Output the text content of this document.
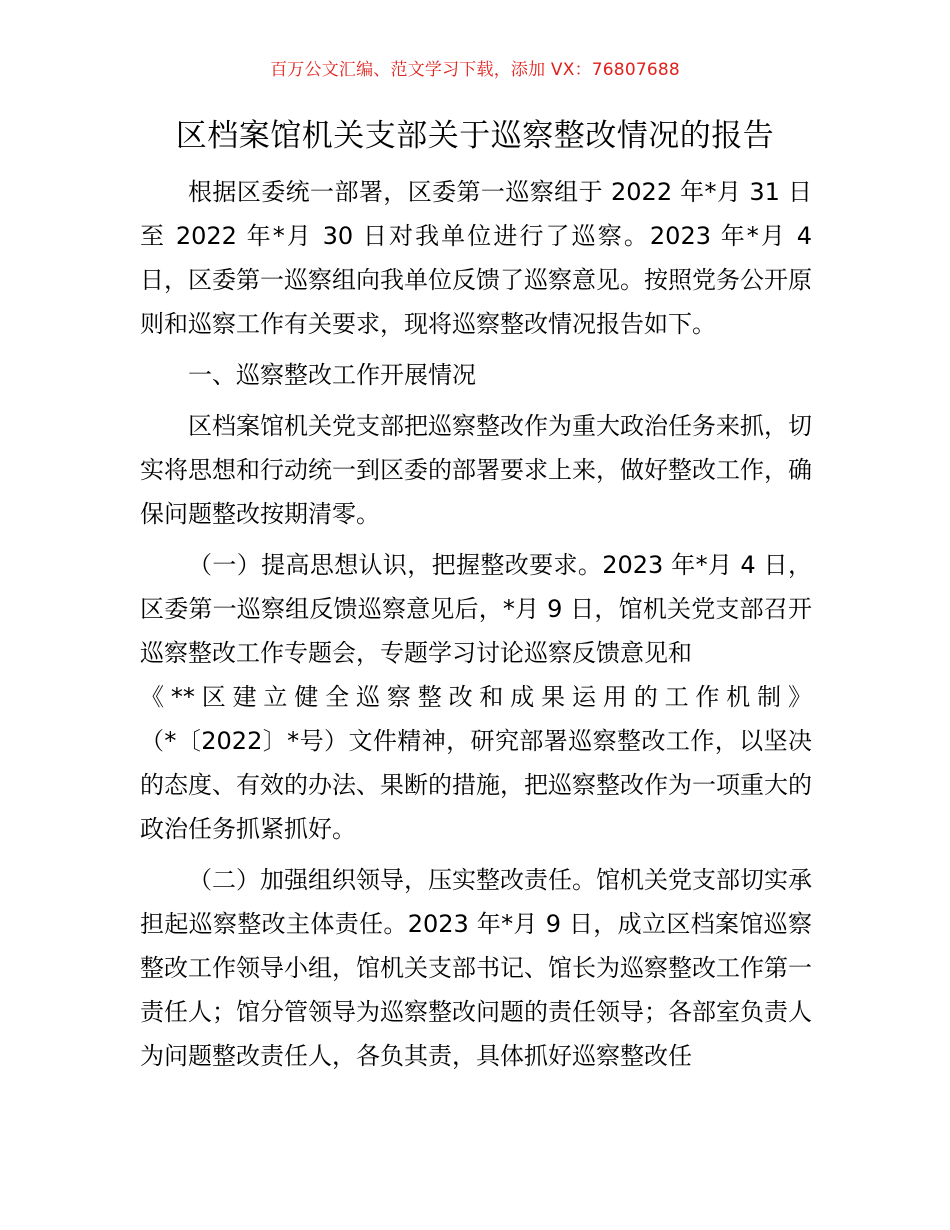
百万公文汇编、范文学习下载，添加 VX：76807688
区档案馆机关支部关于巡察整改情况的报告

根据区委统一部署，区委第一巡察组于 2022 年*月 31 日至 2022 年*月 30 日对我单位进行了巡察。2023 年*月 4 日，区委第一巡察组向我单位反馈了巡察意见。按照党务公开原则和巡察工作有关要求，现将巡察整改情况报告如下。

一、巡察整改工作开展情况

区档案馆机关党支部把巡察整改作为重大政治任务来抓，切实将思想和行动统一到区委的部署要求上来，做好整改工作，确保问题整改按期清零。

（一）提高思想认识，把握整改要求。2023 年*月 4 日，区委第一巡察组反馈巡察意见后，*月 9 日，馆机关党支部召开巡察整改工作专题会，专题学习讨论巡察反馈意见和
《**区建立健全巡察整改和成果运用的工作机制》
（*〔2022〕*号）文件精神，研究部署巡察整改工作，以坚决的态度、有效的办法、果断的措施，把巡察整改作为一项重大的政治任务抓紧抓好。

（二）加强组织领导，压实整改责任。馆机关党支部切实承担起巡察整改主体责任。2023 年*月 9 日，成立区档案馆巡察整改工作领导小组，馆机关支部书记、馆长为巡察整改工作第一责任人；馆分管领导为巡察整改问题的责任领导；各部室负责人为问题整改责任人，各负其责，具体抓好巡察整改任
